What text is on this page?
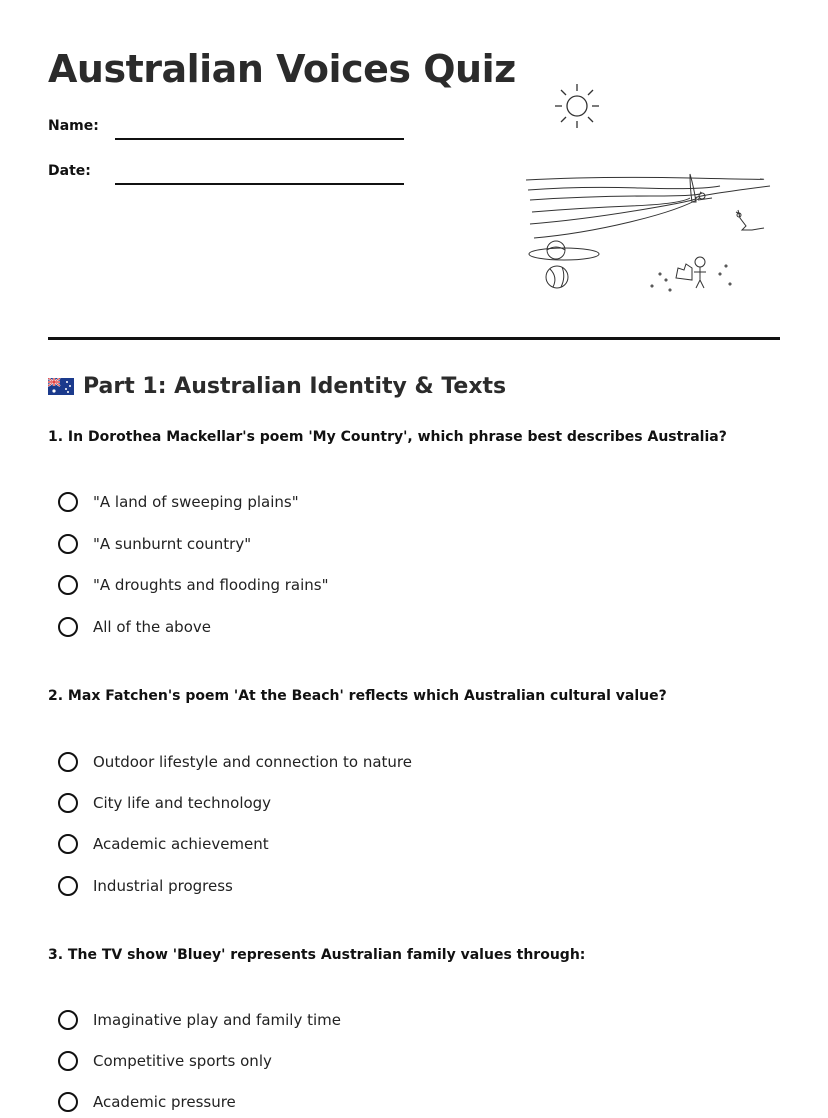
Australian Voices Quiz
Name:
Date:
Part 1: Australian Identity & Texts

1. In Dorothea Mackellar's poem 'My Country', which phrase best describes Australia?

"A land of sweeping plains"
"A sunburnt country"
"A droughts and flooding rains"
All of the above

2. Max Fatchen's poem 'At the Beach' reflects which Australian cultural value?

Outdoor lifestyle and connection to nature
City life and technology
Academic achievement
Industrial progress

3. The TV show 'Bluey' represents Australian family values through:

Imaginative play and family time
Competitive sports only
Academic pressure
